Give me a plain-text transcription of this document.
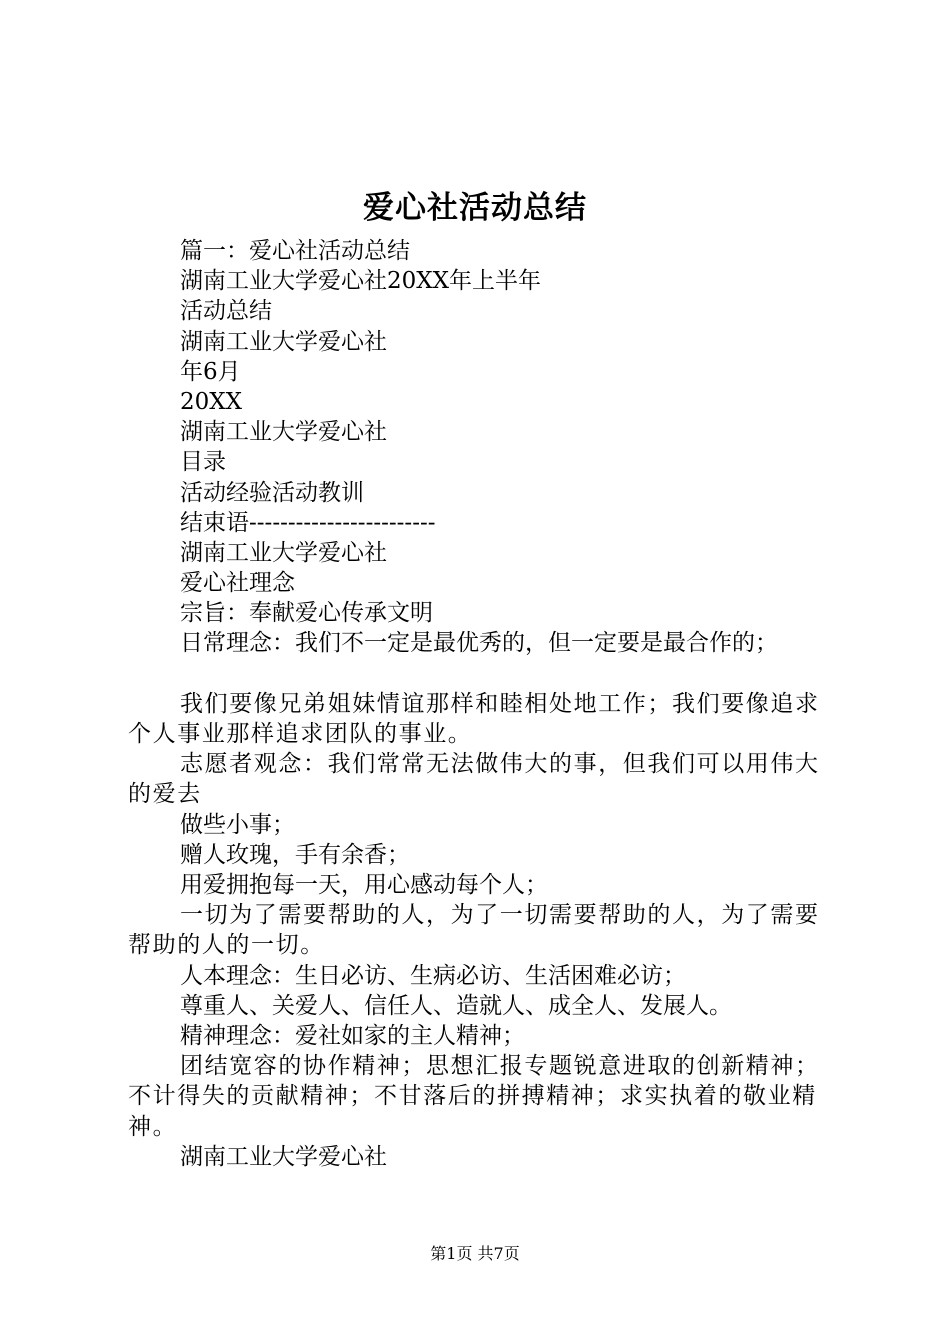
爱心社活动总结
篇一：爱心社活动总结
湖南工业大学爱心社20XX年上半年
活动总结
湖南工业大学爱心社
年6月
20XX
湖南工业大学爱心社
目录
活动经验活动教训
结束语------------------------
湖南工业大学爱心社
爱心社理念
宗旨：奉献爱心传承文明
日常理念：我们不一定是最优秀的，但一定要是最合作的；
我们要像兄弟姐妹情谊那样和睦相处地工作；我们要像追求个人事业那样追求团队的事业。
志愿者观念：我们常常无法做伟大的事，但我们可以用伟大的爱去
做些小事；
赠人玫瑰，手有余香；
用爱拥抱每一天，用心感动每个人；
一切为了需要帮助的人，为了一切需要帮助的人，为了需要帮助的人的一切。
人本理念：生日必访、生病必访、生活困难必访；
尊重人、关爱人、信任人、造就人、成全人、发展人。
精神理念：爱社如家的主人精神；
团结宽容的协作精神；思想汇报专题锐意进取的创新精神；不计得失的贡献精神；不甘落后的拼搏精神；求实执着的敬业精神。
湖南工业大学爱心社
第1页 共7页
